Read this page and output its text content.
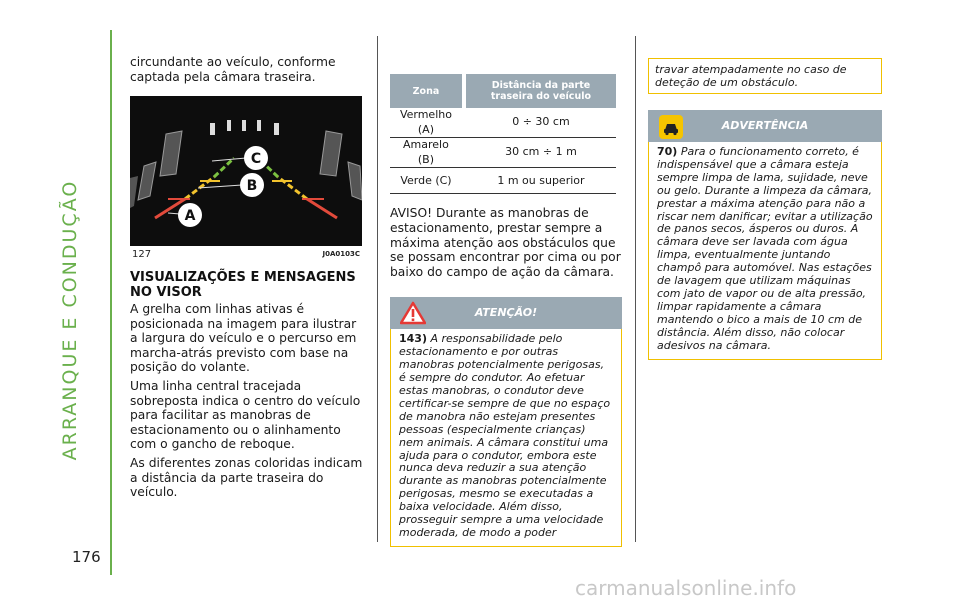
ARRANQUE E CONDUÇÃO
176

circundante ao veículo, conforme captada pela câmara traseira.

C
B
A
127	J0A0103C
VISUALIZAÇÕES E MENSAGENS NO VISOR

A grelha com linhas ativas é posicionada na imagem para ilustrar a largura do veículo e o percurso em marcha-atrás previsto com base na posição do volante.

Uma linha central tracejada sobreposta indica o centro do veículo para facilitar as manobras de estacionamento ou o alinhamento com o gancho de reboque.

As diferentes zonas coloridas indicam a distância da parte traseira do veículo.

Zona		Distância da parte traseira do veículo
Vermelho (A)		0 ÷ 30 cm
Amarelo (B)		30 cm ÷ 1 m
Verde (C)		1 m ou superior

AVISO! Durante as manobras de estacionamento, prestar sempre a máxima atenção aos obstáculos que se possam encontrar por cima ou por baixo do campo de ação da câmara.

ATENÇÃO!
143) A responsabilidade pelo estacionamento e por outras manobras potencialmente perigosas, é sempre do condutor. Ao efetuar estas manobras, o condutor deve certificar-se sempre de que no espaço de manobra não estejam presentes pessoas (especialmente crianças) nem animais. A câmara constitui uma ajuda para o condutor, embora este nunca deva reduzir a sua atenção durante as manobras potencialmente perigosas, mesmo se executadas a baixa velocidade. Além disso, prosseguir sempre a uma velocidade moderada, de modo a poder
travar atempadamente no caso de deteção de um obstáculo.
ADVERTÊNCIA
70) Para o funcionamento correto, é indispensável que a câmara esteja sempre limpa de lama, sujidade, neve ou gelo. Durante a limpeza da câmara, prestar a máxima atenção para não a riscar nem danificar; evitar a utilização de panos secos, ásperos ou duros. A câmara deve ser lavada com água limpa, eventualmente juntando champô para automóvel. Nas estações de lavagem que utilizam máquinas com jato de vapor ou de alta pressão, limpar rapidamente a câmara mantendo o bico a mais de 10 cm de distância. Além disso, não colocar adesivos na câmara.
carmanualsonline.info
